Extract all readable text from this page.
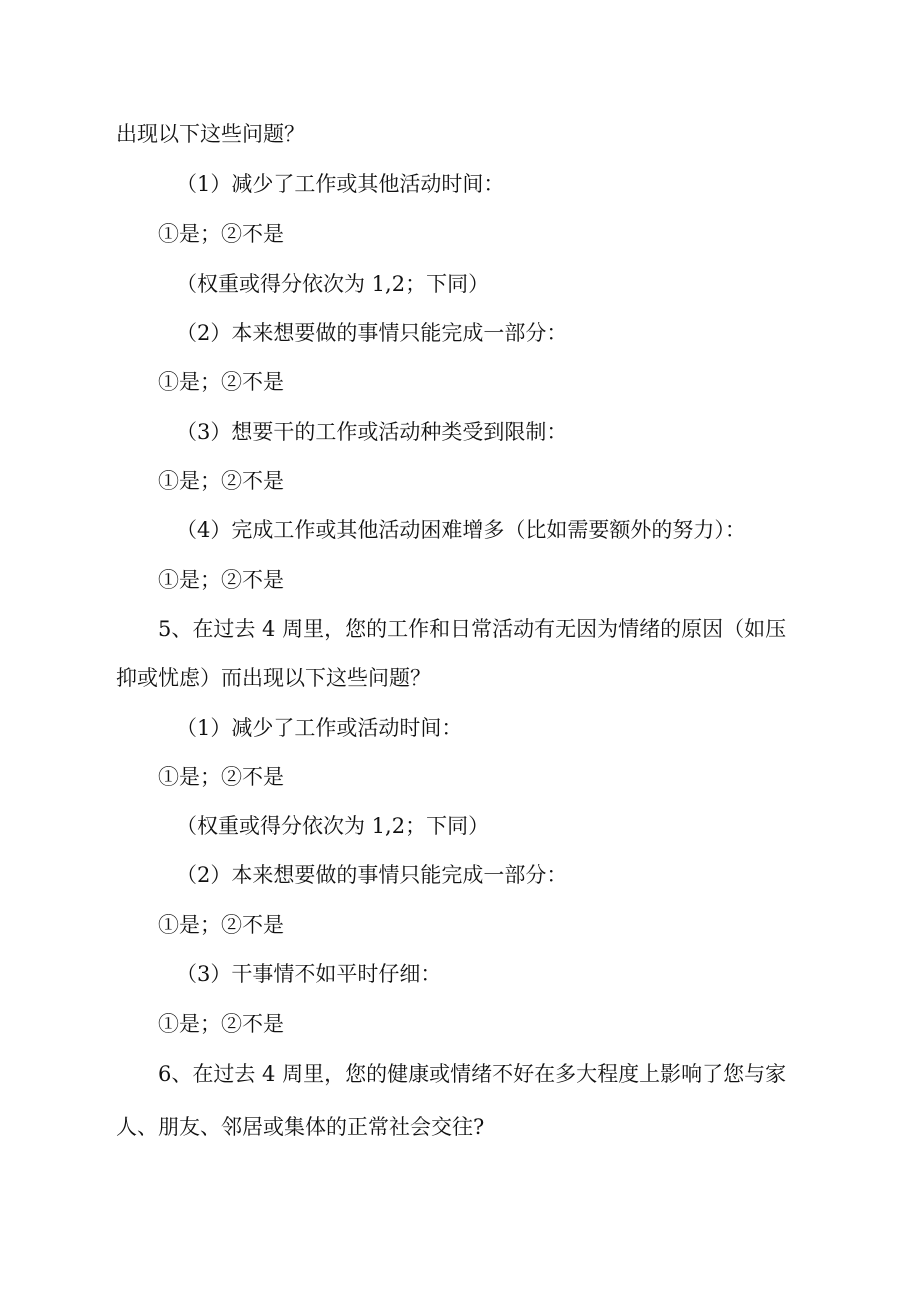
出现以下这些问题？
（1）减少了工作或其他活动时间：
①是；②不是
（权重或得分依次为 1,2；下同）
（2）本来想要做的事情只能完成一部分：
①是；②不是
（3）想要干的工作或活动种类受到限制：
①是；②不是
（4）完成工作或其他活动困难增多（比如需要额外的努力）：
①是；②不是
5、在过去 4 周里，您的工作和日常活动有无因为情绪的原因（如压
抑或忧虑）而出现以下这些问题？
（1）减少了工作或活动时间：
①是；②不是
（权重或得分依次为 1,2；下同）
（2）本来想要做的事情只能完成一部分：
①是；②不是
（3）干事情不如平时仔细：
①是；②不是
6、在过去 4 周里，您的健康或情绪不好在多大程度上影响了您与家
人、朋友、邻居或集体的正常社会交往?
